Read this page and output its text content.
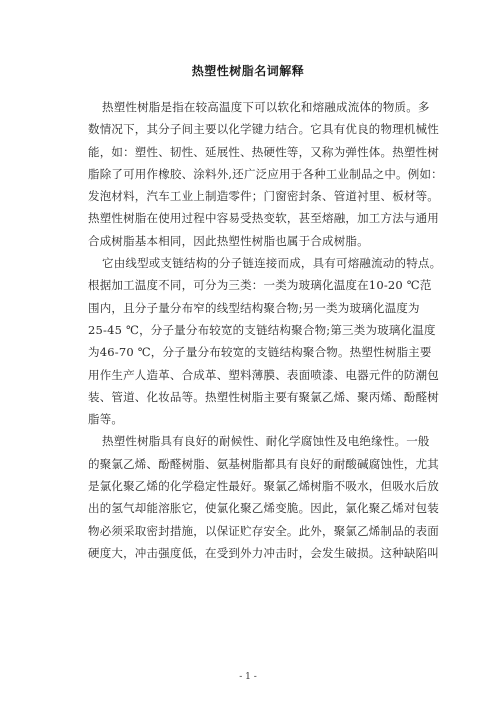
热塑性树脂名词解释
热塑性树脂是指在较高温度下可以软化和熔融成流体的物质。多
数情况下，其分子间主要以化学键力结合。它具有优良的物理机械性
能，如：塑性、韧性、延展性、热硬性等，又称为弹性体。热塑性树
脂除了可用作橡胶、涂料外,还广泛应用于各种工业制品之中。例如：
发泡材料，汽车工业上制造零件；门窗密封条、管道衬里、板材等。
热塑性树脂在使用过程中容易受热变软，甚至熔融，加工方法与通用
合成树脂基本相同，因此热塑性树脂也属于合成树脂。
它由线型或支链结构的分子链连接而成，具有可熔融流动的特点。
根据加工温度不同，可分为三类：一类为玻璃化温度在10-20 ℃范
围内，且分子量分布窄的线型结构聚合物;另一类为玻璃化温度为
25-45 ℃，分子量分布较宽的支链结构聚合物;第三类为玻璃化温度
为46-70 ℃，分子量分布较宽的支链结构聚合物。热塑性树脂主要
用作生产人造革、合成革、塑料薄膜、表面喷漆、电器元件的防潮包
装、管道、化妆品等。热塑性树脂主要有聚氯乙烯、聚丙烯、酚醛树
脂等。
热塑性树脂具有良好的耐候性、耐化学腐蚀性及电绝缘性。一般
的聚氯乙烯、酚醛树脂、氨基树脂都具有良好的耐酸碱腐蚀性，尤其
是氯化聚乙烯的化学稳定性最好。聚氯乙烯树脂不吸水，但吸水后放
出的氢气却能溶胀它，使氯化聚乙烯变脆。因此，氯化聚乙烯对包装
物必须采取密封措施，以保证贮存安全。此外，聚氯乙烯制品的表面
硬度大，冲击强度低，在受到外力冲击时，会发生破损。这种缺陷叫
- 1 -
